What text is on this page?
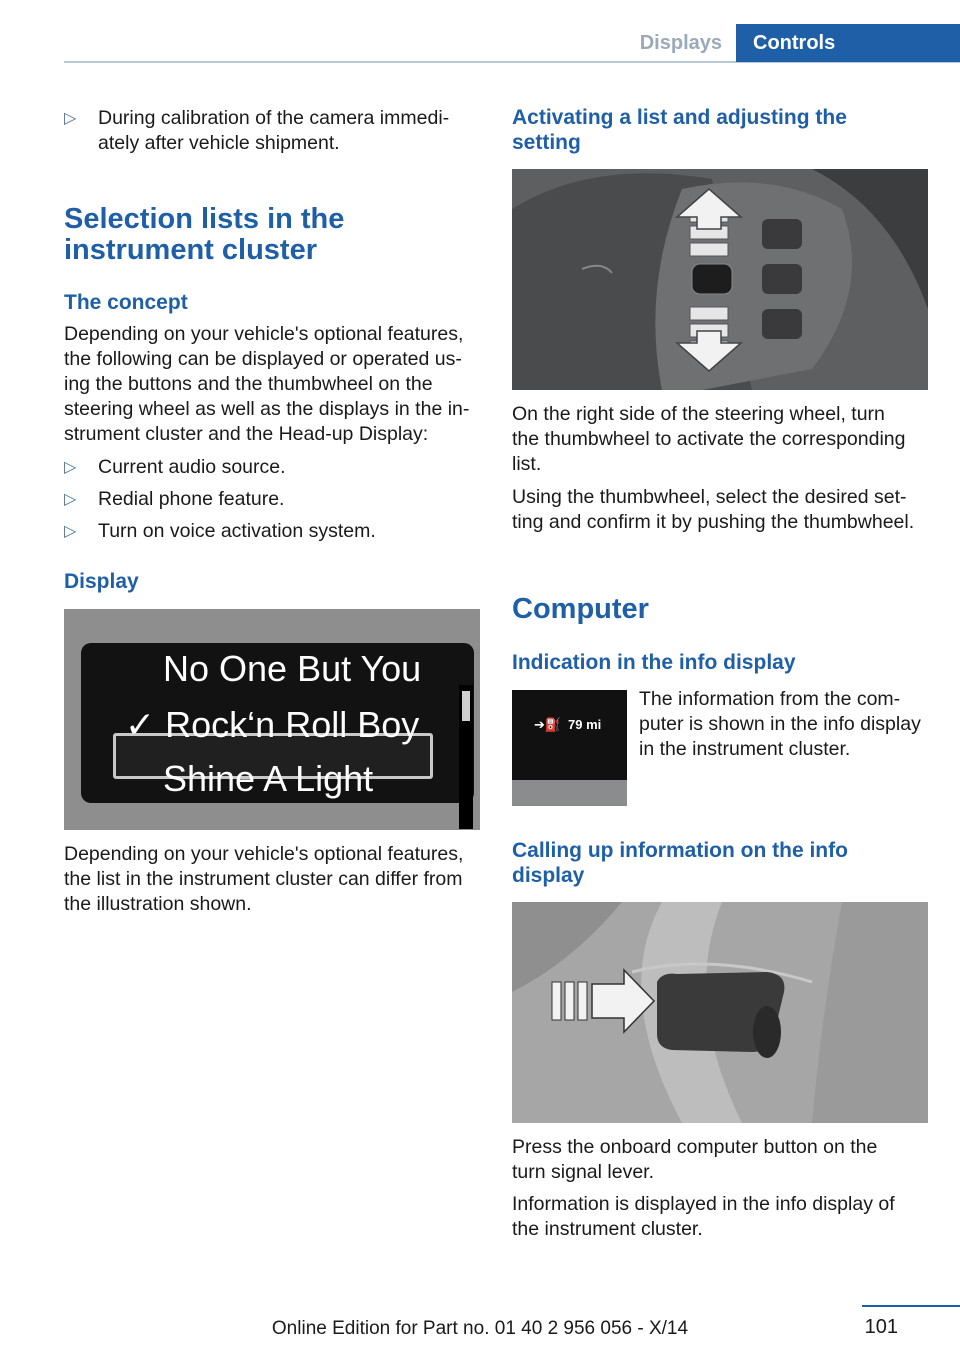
Displays	Controls
▷ During calibration of the camera immedi-
ately after vehicle shipment.
Selection lists in the
instrument cluster
The concept
Depending on your vehicle's optional features,
the following can be displayed or operated us-
ing the buttons and the thumbwheel on the
steering wheel as well as the displays in the in-
strument cluster and the Head-up Display:
▷ Current audio source.
▷ Redial phone feature.
▷ Turn on voice activation system.
Display
No One But You
✓ Rock‘n Roll Boy
Shine A Light
Depending on your vehicle's optional features,
the list in the instrument cluster can differ from
the illustration shown.
Activating a list and adjusting the
setting
On the right side of the steering wheel, turn
the thumbwheel to activate the corresponding
list.
Using the thumbwheel, select the desired set-
ting and confirm it by pushing the thumbwheel.
Computer
Indication in the info display
➔⛽ 79 mi
The information from the com-
puter is shown in the info display
in the instrument cluster.
Calling up information on the info
display
Press the onboard computer button on the
turn signal lever.
Information is displayed in the info display of
the instrument cluster.
101
Online Edition for Part no. 01 40 2 956 056 - X/14
